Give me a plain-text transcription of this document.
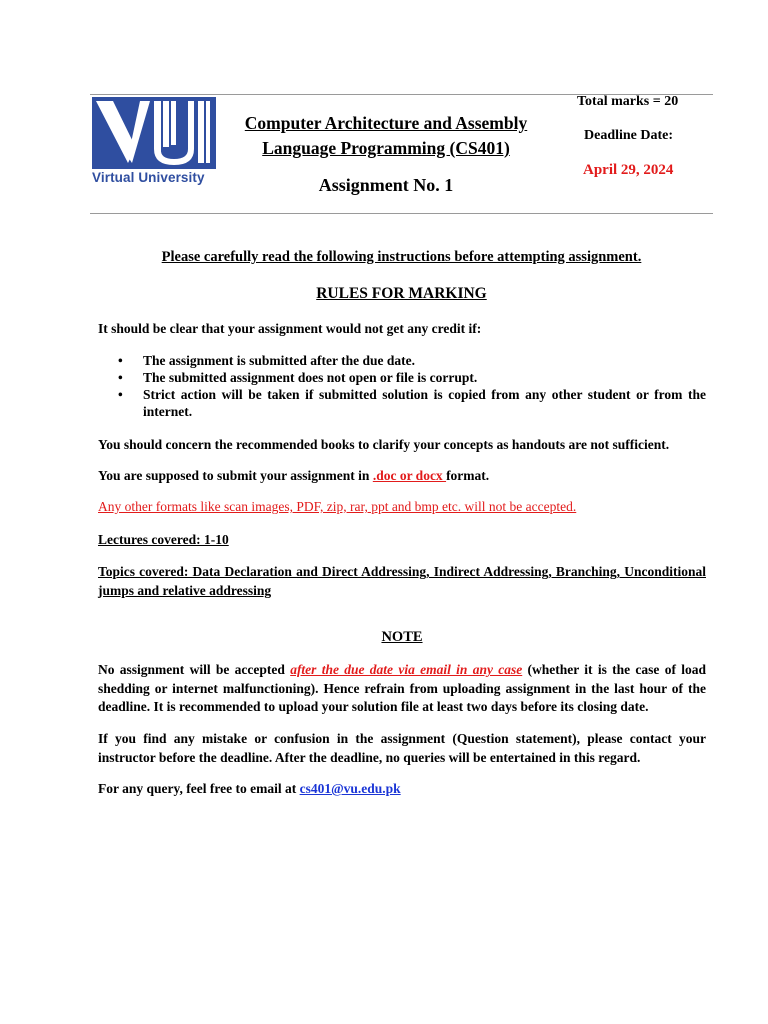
Virtual University
Computer Architecture and Assembly
Language Programming (CS401)
Assignment No. 1
Total marks = 20
Deadline Date:
April 29, 2024
Please carefully read the following instructions before attempting assignment.
RULES FOR MARKING
It should be clear that your assignment would not get any credit if:
• The assignment is submitted after the due date.
• The submitted assignment does not open or file is corrupt.
• Strict action will be taken if submitted solution is copied from any other student or from the internet.
You should concern the recommended books to clarify your concepts as handouts are not sufficient.
You are supposed to submit your assignment in .doc or docx format.
Any other formats like scan images, PDF, zip, rar, ppt and bmp etc. will not be accepted.
Lectures covered: 1-10
Topics covered: Data Declaration and Direct Addressing, Indirect Addressing, Branching, Unconditional jumps and relative addressing
NOTE
No assignment will be accepted after the due date via email in any case (whether it is the case of load shedding or internet malfunctioning). Hence refrain from uploading assignment in the last hour of the deadline. It is recommended to upload your solution file at least two days before its closing date.
If you find any mistake or confusion in the assignment (Question statement), please contact your instructor before the deadline. After the deadline, no queries will be entertained in this regard.
For any query, feel free to email at cs401@vu.edu.pk
